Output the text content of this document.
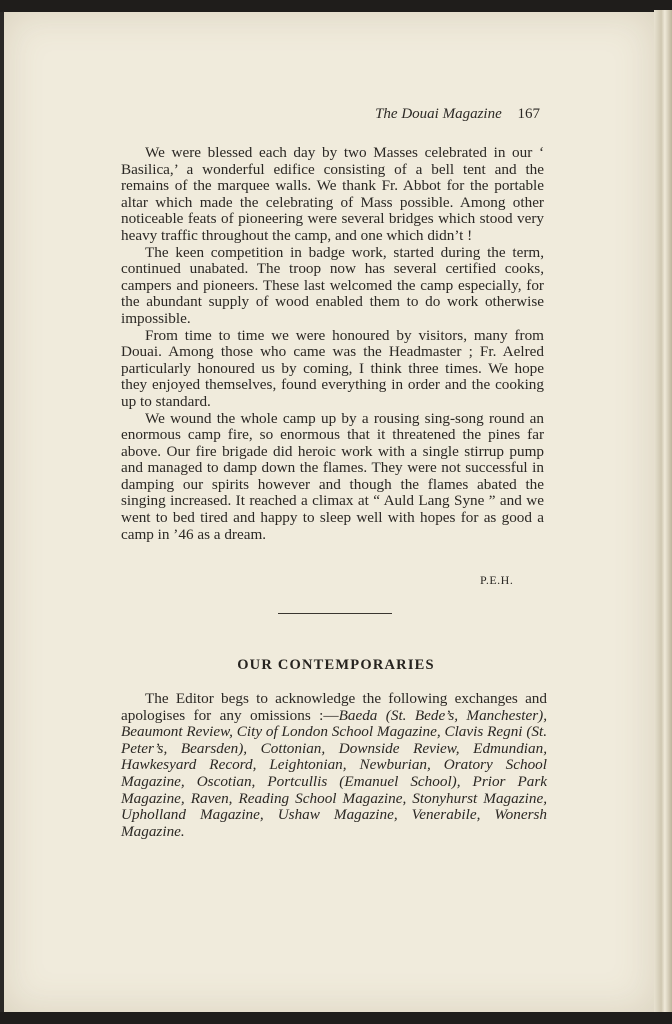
The Douai Magazine 167

We were blessed each day by two Masses celebrated in our ‘ Basilica,’ a wonderful edifice consisting of a bell tent and the remains of the marquee walls. We thank Fr. Abbot for the portable altar which made the celebrating of Mass possible. Among other noticeable feats of pioneering were several bridges which stood very heavy traffic throughout the camp, and one which didn’t !

The keen competition in badge work, started during the term, continued unabated. The troop now has several certified cooks, campers and pioneers. These last welcomed the camp especially, for the abundant supply of wood enabled them to do work otherwise impossible.

From time to time we were honoured by visitors, many from Douai. Among those who came was the Headmaster ; Fr. Aelred particularly honoured us by coming, I think three times. We hope they enjoyed themselves, found everything in order and the cooking up to standard.

We wound the whole camp up by a rousing sing-song round an enormous camp fire, so enormous that it threatened the pines far above. Our fire brigade did heroic work with a single stirrup pump and managed to damp down the flames. They were not successful in damping our spirits however and though the flames abated the singing increased. It reached a climax at “ Auld Lang Syne ” and we went to bed tired and happy to sleep well with hopes for as good a camp in ’46 as a dream.

P.E.H.
OUR CONTEMPORARIES

The Editor begs to acknowledge the following exchanges and apologises for any omissions :—Baeda (St. Bede’s, Manchester), Beaumont Review, City of London School Magazine, Clavis Regni (St. Peter’s, Bearsden), Cottonian, Downside Review, Edmundian, Hawkesyard Record, Leightonian, Newburian, Oratory School Magazine, Oscotian, Portcullis (Emanuel School), Prior Park Magazine, Raven, Reading School Magazine, Stonyhurst Magazine, Upholland Magazine, Ushaw Magazine, Venerabile, Wonersh Magazine.
